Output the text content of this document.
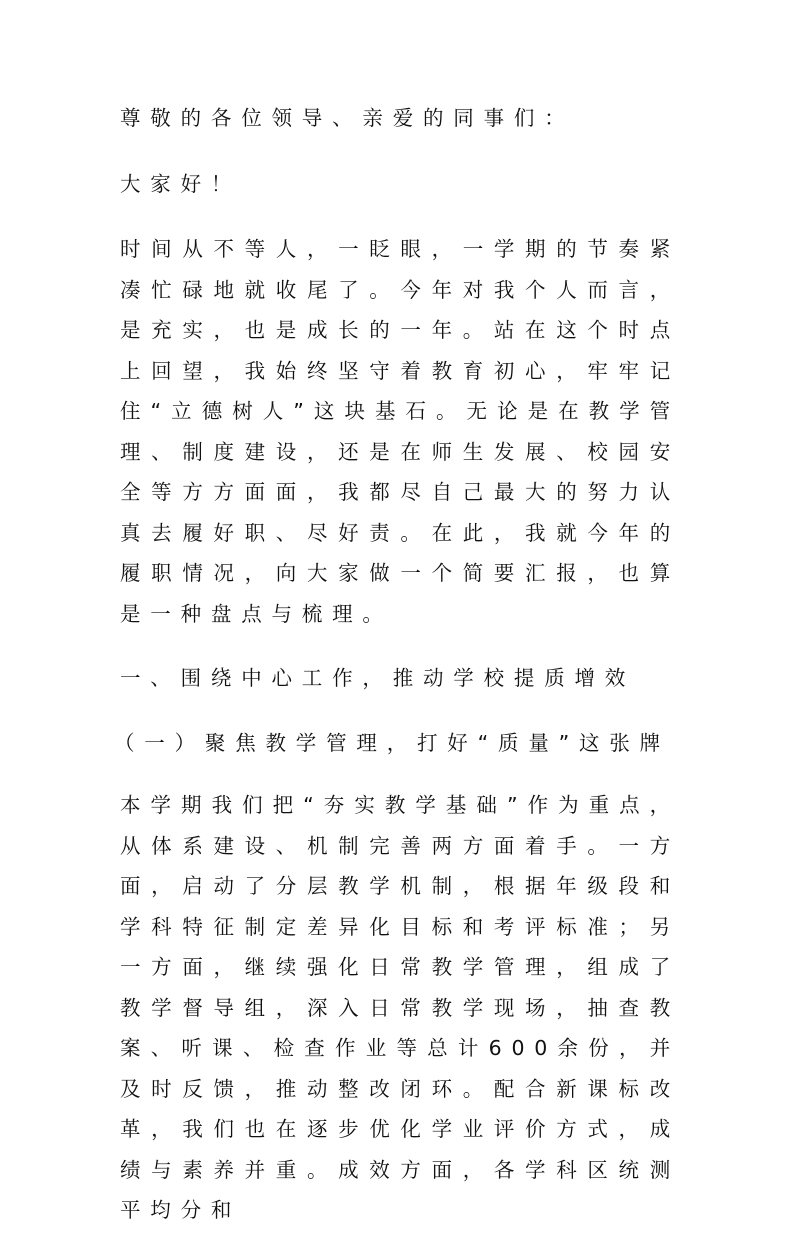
尊敬的各位领导、亲爱的同事们：

大家好！

时间从不等人，一眨眼，一学期的节奏紧凑忙碌地就收尾了。今年对我个人而言，是充实，也是成长的一年。站在这个时点上回望，我始终坚守着教育初心，牢牢记住“立德树人”这块基石。无论是在教学管理、制度建设，还是在师生发展、校园安全等方方面面，我都尽自己最大的努力认真去履好职、尽好责。在此，我就今年的履职情况，向大家做一个简要汇报，也算是一种盘点与梳理。

一、围绕中心工作，推动学校提质增效

（一）聚焦教学管理，打好“质量”这张牌

本学期我们把“夯实教学基础”作为重点，从体系建设、机制完善两方面着手。一方面，启动了分层教学机制，根据年级段和学科特征制定差异化目标和考评标准；另一方面，继续强化日常教学管理，组成了教学督导组，深入日常教学现场，抽查教案、听课、检查作业等总计600余份，并及时反馈，推动整改闭环。配合新课标改革，我们也在逐步优化学业评价方式，成绩与素养并重。成效方面，各学科区统测平均分和
